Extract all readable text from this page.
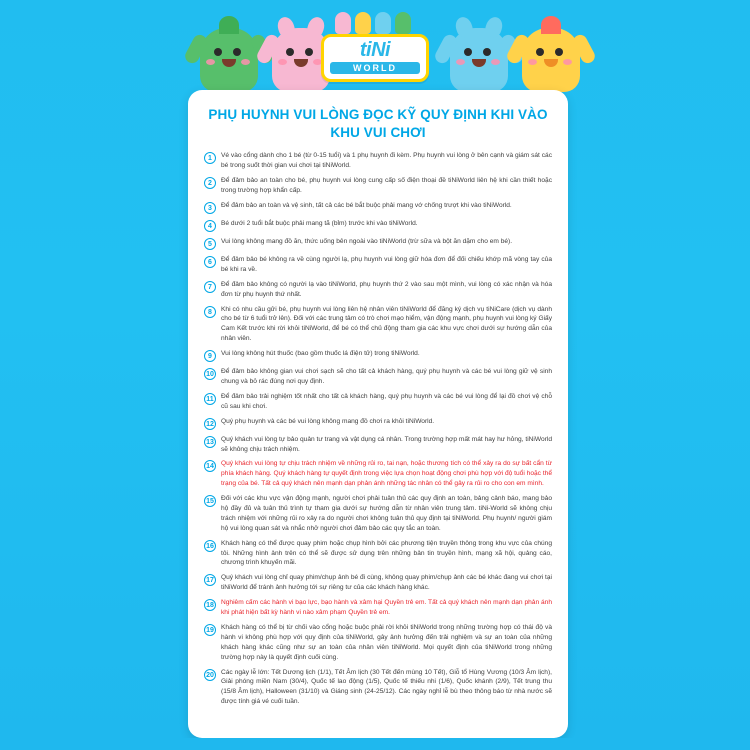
tiNi
WORLD
PHỤ HUYNH VUI LÒNG ĐỌC KỸ QUY ĐỊNH KHI VÀO KHU VUI CHƠI
1	Vé vào cổng dành cho 1 bé (từ 0-15 tuổi) và 1 phụ huynh đi kèm. Phụ huynh vui lòng ở bên cạnh và giám sát các bé trong suốt thời gian vui chơi tại tiNiWorld.
2	Để đảm bảo an toàn cho bé, phụ huynh vui lòng cung cấp số điện thoại đề tiNiWorld liên hệ khi cần thiết hoặc trong trường hợp khẩn cấp.
3	Để đảm bảo an toàn và vệ sinh, tất cả các bé bắt buộc phải mang vớ chống trượt khi vào tiNiWorld.
4	Bé dưới 2 tuổi bắt buộc phải mang tã (bỉm) trước khi vào tiNiWorld.
5	Vui lòng không mang đồ ăn, thức uống bên ngoài vào tiNiWorld (trừ sữa và bột ăn dặm cho em bé).
6	Để đảm bảo bé không ra về cùng người lạ, phụ huynh vui lòng giữ hóa đơn để đối chiếu khớp mã vòng tay của bé khi ra về.
7	Để đảm bảo không có người lạ vào tiNiWorld, phụ huynh thứ 2 vào sau một mình, vui lòng có xác nhận và hóa đơn từ phụ huynh thứ nhất.
8	Khi có nhu cầu gửi bé, phụ huynh vui lòng liên hệ nhân viên tiNiWorld để đăng ký dịch vụ tiNiCare (dịch vụ dành cho bé từ 6 tuổi trở lên). Đối với các trung tâm có trò chơi mạo hiểm, vận động mạnh, phụ huynh vui lòng ký Giấy Cam Kết trước khi rời khỏi tiNiWorld, để bé có thể chủ động tham gia các khu vực chơi dưới sự hướng dẫn của nhân viên.
9	Vui lòng không hút thuốc (bao gồm thuốc lá điện tử) trong tiNiWorld.
10	Để đảm bảo không gian vui chơi sạch sẽ cho tất cả khách hàng, quý phụ huynh và các bé vui lòng giữ vệ sinh chung và bỏ rác đúng nơi quy định.
11	Để đảm bảo trải nghiệm tốt nhất cho tất cả khách hàng, quý phụ huynh và các bé vui lòng để lại đồ chơi vệ chỗ cũ sau khi chơi.
12	Quý phụ huynh và các bé vui lòng không mang đồ chơi ra khỏi tiNiWorld.
13	Quý khách vui lòng tự bảo quản tư trang và vật dụng cá nhân. Trong trường hợp mất mát hay hư hỏng, tiNiWorld sẽ không chịu trách nhiệm.
14	Quý khách vui lòng tự chịu trách nhiệm về những rủi ro, tai nạn, hoặc thương tích có thể xảy ra do sự bất cẩn từ phía khách hàng. Quý khách hàng tự quyết định trong việc lựa chọn hoạt động chơi phù hợp với độ tuổi hoặc thể trạng của bé. Tất cả quý khách nên mạnh dạn phản ánh những tác nhân có thể gây ra rủi ro cho con em mình.
15	Đối với các khu vực vận động mạnh, người chơi phải tuân thủ các quy định an toàn, bảng cảnh báo, mang bảo hộ đầy đủ và tuân thủ trình tự tham gia dưới sự hướng dẫn từ nhân viên trung tâm. tiNi-World sẽ không chịu trách nhiệm với những rủi ro xảy ra do người chơi không tuân thủ quy định tại tiNiWorld. Phụ huynh/ người giám hộ vui lòng quan sát và nhắc nhở người chơi đảm bảo các quy tắc an toàn.
16	Khách hàng có thể được quay phim hoặc chụp hình bởi các phương tiện truyền thông trong khu vực của chúng tôi. Những hình ảnh trên có thể sẽ được sử dụng trên những bản tin truyền hình, mạng xã hội, quảng cáo, chương trình khuyến mãi.
17	Quý khách vui lòng chỉ quay phim/chụp ảnh bé đi cùng, không quay phim/chụp ảnh các bé khác đang vui chơi tại tiNiWorld để tránh ảnh hưởng tới sự riêng tư của các khách hàng khác.
18	Nghiêm cấm các hành vi bạo lực, bạo hành và xâm hại Quyền trẻ em. Tất cả quý khách nên mạnh dạn phản ánh khi phát hiện bất kỳ hành vi nào xâm phạm Quyền trẻ em.
19	Khách hàng có thể bị từ chối vào cổng hoặc buộc phải rời khỏi tiNiWorld trong những trường hợp có thái độ và hành vi không phù hợp với quy định của tiNiWorld, gây ảnh hưởng đến trải nghiệm và sự an toàn của những khách hàng khác cũng như sự an toàn của nhân viên tiNiWorld. Mọi quyết định của tiNiWorld trong những trường hợp này là quyết định cuối cùng.
20	Các ngày lễ lớn: Tết Dương lịch (1/1), Tết Âm lịch (30 Tết đến mùng 10 Tết), Giỗ tổ Hùng Vương (10/3 Âm lịch), Giải phóng miền Nam (30/4), Quốc tế lao động (1/5), Quốc tế thiếu nhi (1/6), Quốc khánh (2/9), Tết trung thu (15/8 Âm lịch), Halloween (31/10) và Giáng sinh (24-25/12). Các ngày nghỉ lễ bù theo thông báo từ nhà nước sẽ được tính giá vé cuối tuần.
